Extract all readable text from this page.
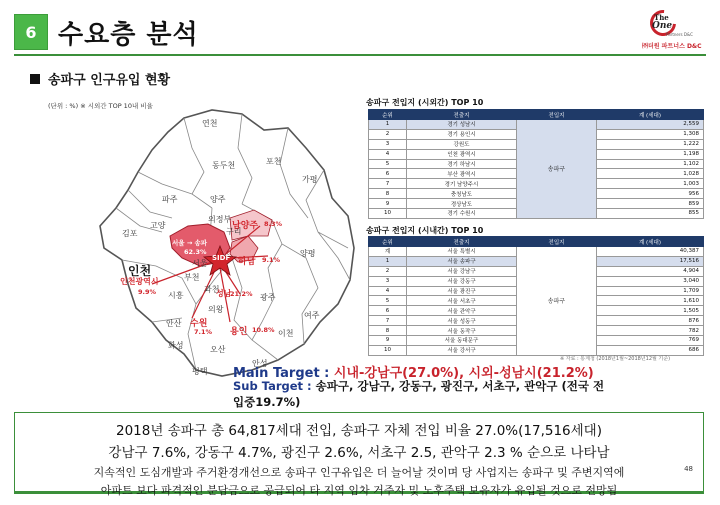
6 수요층 분석
The
One
Partners D&C
㈜더원 파트너스 D&C
송파구 인구유입 현황
(단위 : %) ※ 시외간 TOP 10내 비율
연천
포천
동두천
양주
파주
가평
의정부
고양
김포	구리
인천
서울
부천
시흥
과천
의왕
양평
광주
여주
이천
안산
화성	오산
안성
평택
남양주 8.3%
하남 9.1%
성남
21.2%
인천광역시
9.9%
수원
7.1% 용인 10.8%
서울 → 송파
62.3%
SIDF
송파구 전입지 (시외간) TOP 10
순위	전출지	전입지	계 (세대)
1	경기 성남시	송파구	2,559
2	경기 용인시		1,308
3	강원도		1,222
4	인천 광역시		1,198
5	경기 하남시		1,102
6	부산 광역시		1,028
7	경기 남양주시		1,003
8	충청남도		956
9	경상남도		859
10	경기 수원시		855
송파구 전입지 (시내간) TOP 10
순위	전출지	전입지	계 (세대)
계	서울 특별시	송파구	40,387
1	서울 송파구		17,516
2	서울 강남구		4,904
3	서울 강동구		3,040
4	서울 광진구		1,709
5	서울 서초구		1,610
6	서울 관악구		1,505
7	서울 성동구		876
8	서울 동작구		782
9	서울 동대문구		769
10	서울 강서구		686
※ 자료 : 통계청 (2018년1월~2018년12월 기준)
Main Target : 시내-강남구(27.0%), 시외-성남시(21.2%)
Sub Target : 송파구, 강남구, 강동구, 광진구, 서초구, 관악구 (전국 전입중19.7%)
2018년 송파구 총 64,817세대 전입, 송파구 자체 전입 비율 27.0%(17,516세대)
강남구 7.6%, 강동구 4.7%, 광진구 2.6%, 서초구 2.5, 관악구 2.3 % 순으로 나타남
지속적인 도심개발과 주거환경개선으로 송파구 인구유입은 더 늘어날 것이며 당 사업지는 송파구 및 주변지역에
아파트 보다 파격적인 분담금으로 공급되어 타 지역 임차 거주자 및 노후주택 보유자가 유입될 것으로 전망됨
48
